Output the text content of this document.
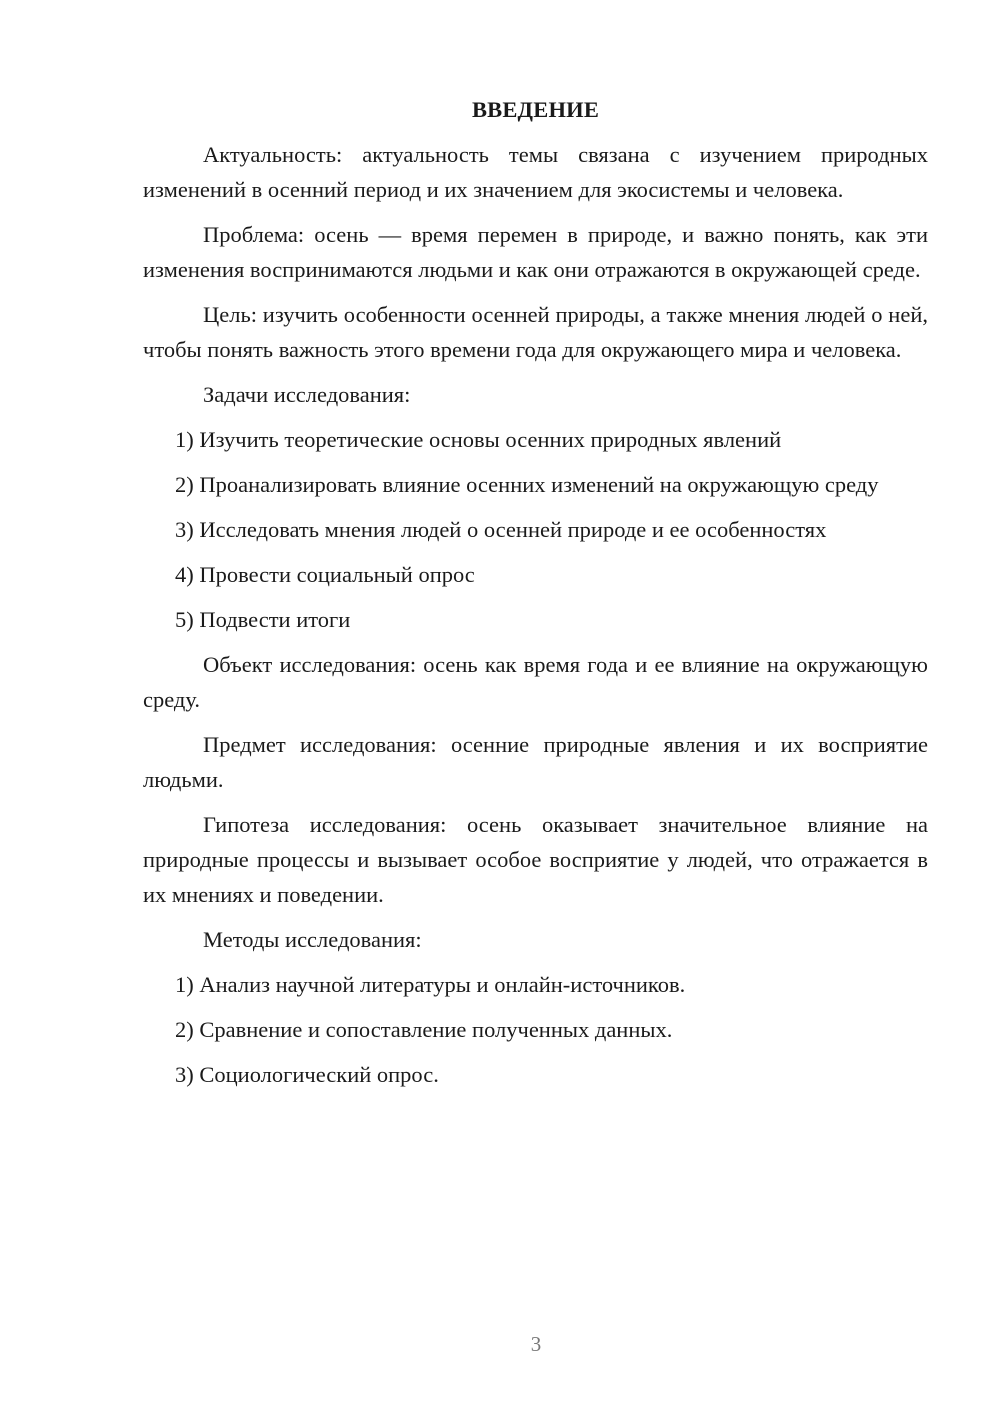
ВВЕДЕНИЕ

Актуальность: актуальность темы связана с изучением природных изменений в осенний период и их значением для экосистемы и человека.

Проблема: осень — время перемен в природе, и важно понять, как эти изменения воспринимаются людьми и как они отражаются в окружающей среде.

Цель: изучить особенности осенней природы, а также мнения людей о ней, чтобы понять важность этого времени года для окружающего мира и человека.

Задачи исследования:

1) Изучить теоретические основы осенних природных явлений

2) Проанализировать влияние осенних изменений на окружающую среду

3) Исследовать мнения людей о осенней природе и ее особенностях

4) Провести социальный опрос

5) Подвести итоги

Объект исследования: осень как время года и ее влияние на окружающую среду.

Предмет исследования: осенние природные явления и их восприятие людьми.

Гипотеза исследования: осень оказывает значительное влияние на природные процессы и вызывает особое восприятие у людей, что отражается в их мнениях и поведении.

Методы исследования:

1) Анализ научной литературы и онлайн-источников.

2) Сравнение и сопоставление полученных данных.

3) Социологический опрос.

3
